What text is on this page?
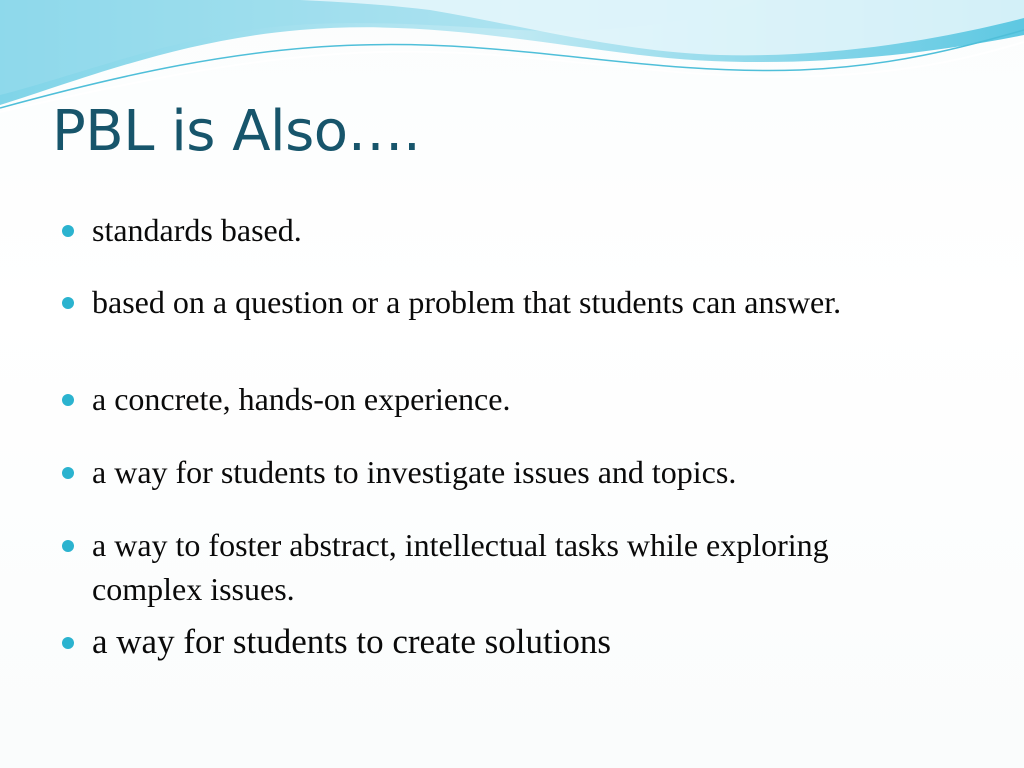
PBL is Also….
standards based.
based on a question or a problem that students can answer.
a concrete, hands-on experience.
a way for students to investigate issues and topics.
a way to foster abstract, intellectual tasks while exploring complex issues.
a way for students to create solutions
